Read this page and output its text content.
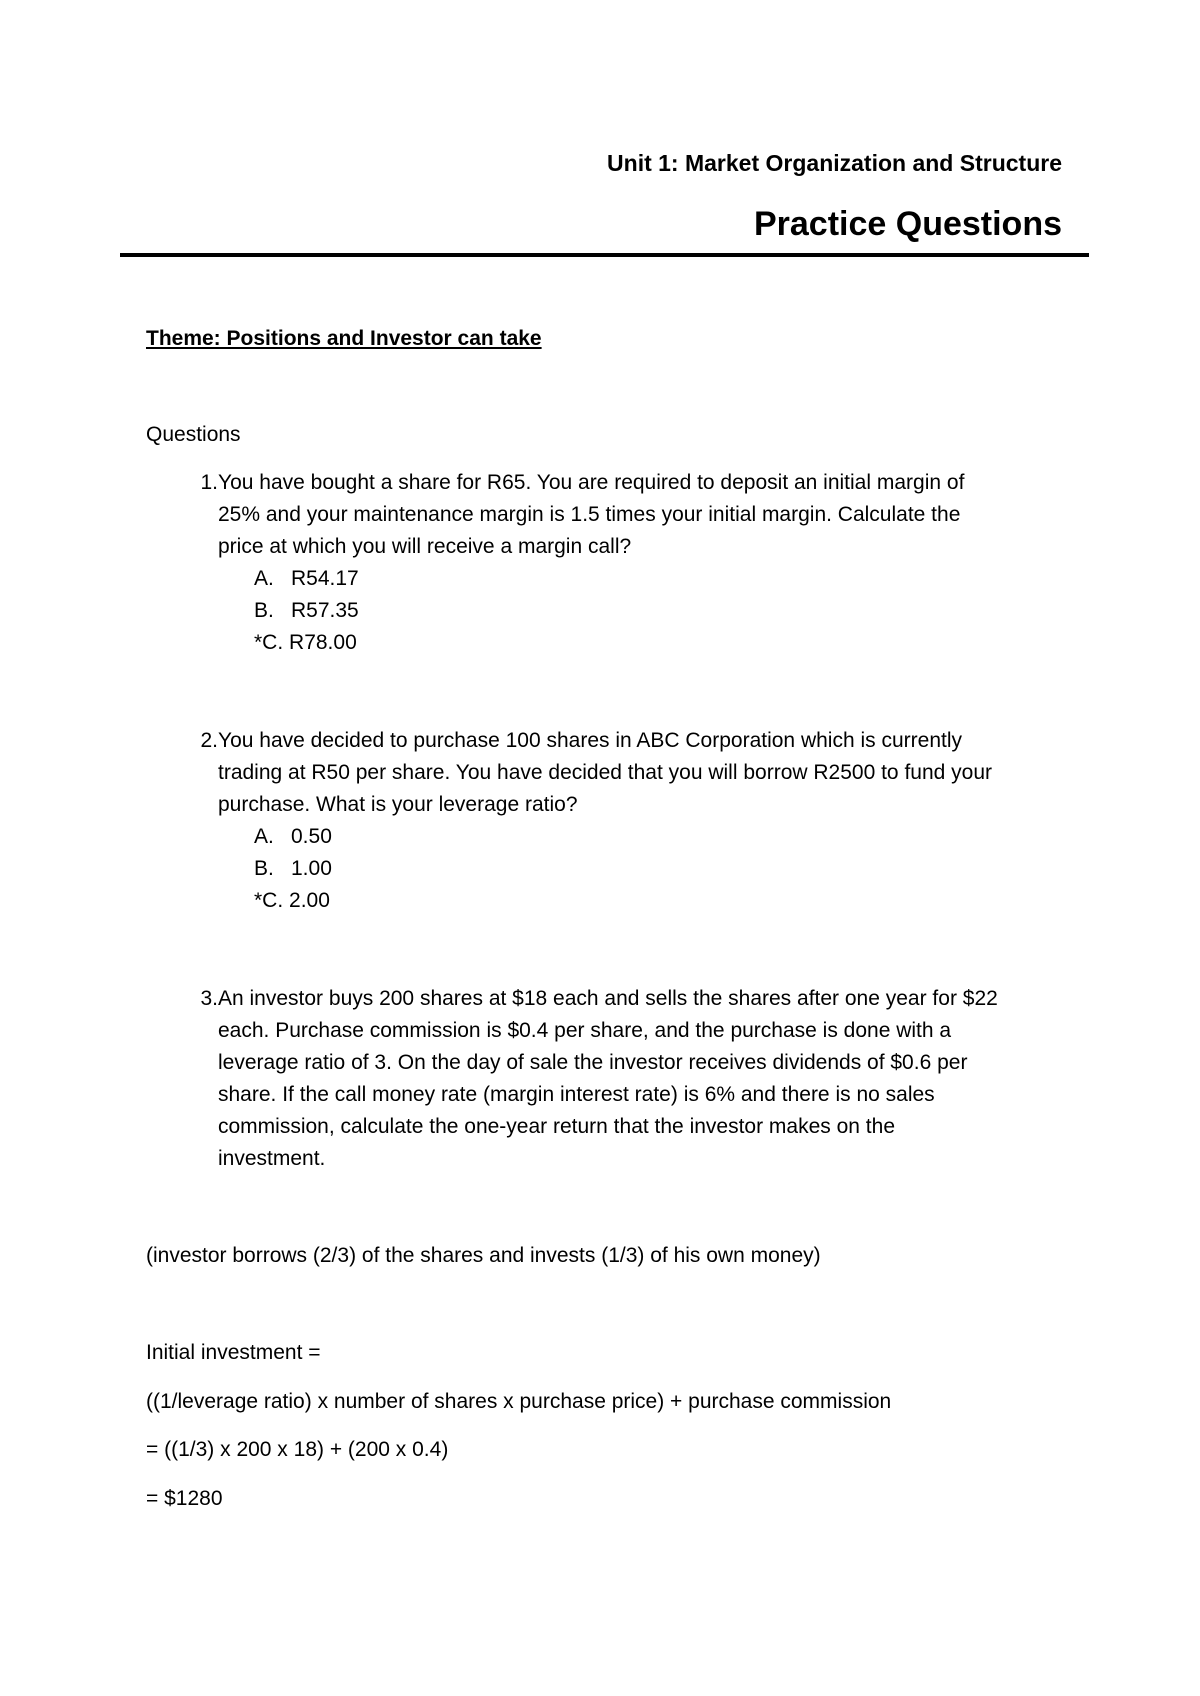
Unit 1: Market Organization and Structure
Practice Questions
Theme: Positions and Investor can take
Questions
1. You have bought a share for R65. You are required to deposit an initial margin of
25% and your maintenance margin is 1.5 times your initial margin. Calculate the
price at which you will receive a margin call?
A. R54.17
B. R57.35
*C. R78.00
2. You have decided to purchase 100 shares in ABC Corporation which is currently
trading at R50 per share. You have decided that you will borrow R2500 to fund your
purchase. What is your leverage ratio?
A. 0.50
B. 1.00
*C. 2.00
3. An investor buys 200 shares at $18 each and sells the shares after one year for $22
each. Purchase commission is $0.4 per share, and the purchase is done with a
leverage ratio of 3. On the day of sale the investor receives dividends of $0.6 per
share. If the call money rate (margin interest rate) is 6% and there is no sales
commission, calculate the one-year return that the investor makes on the
investment.
(investor borrows (2/3) of the shares and invests (1/3) of his own money)
Initial investment =
((1/leverage ratio) x number of shares x purchase price) + purchase commission
= ((1/3) x 200 x 18) + (200 x 0.4)
= $1280
